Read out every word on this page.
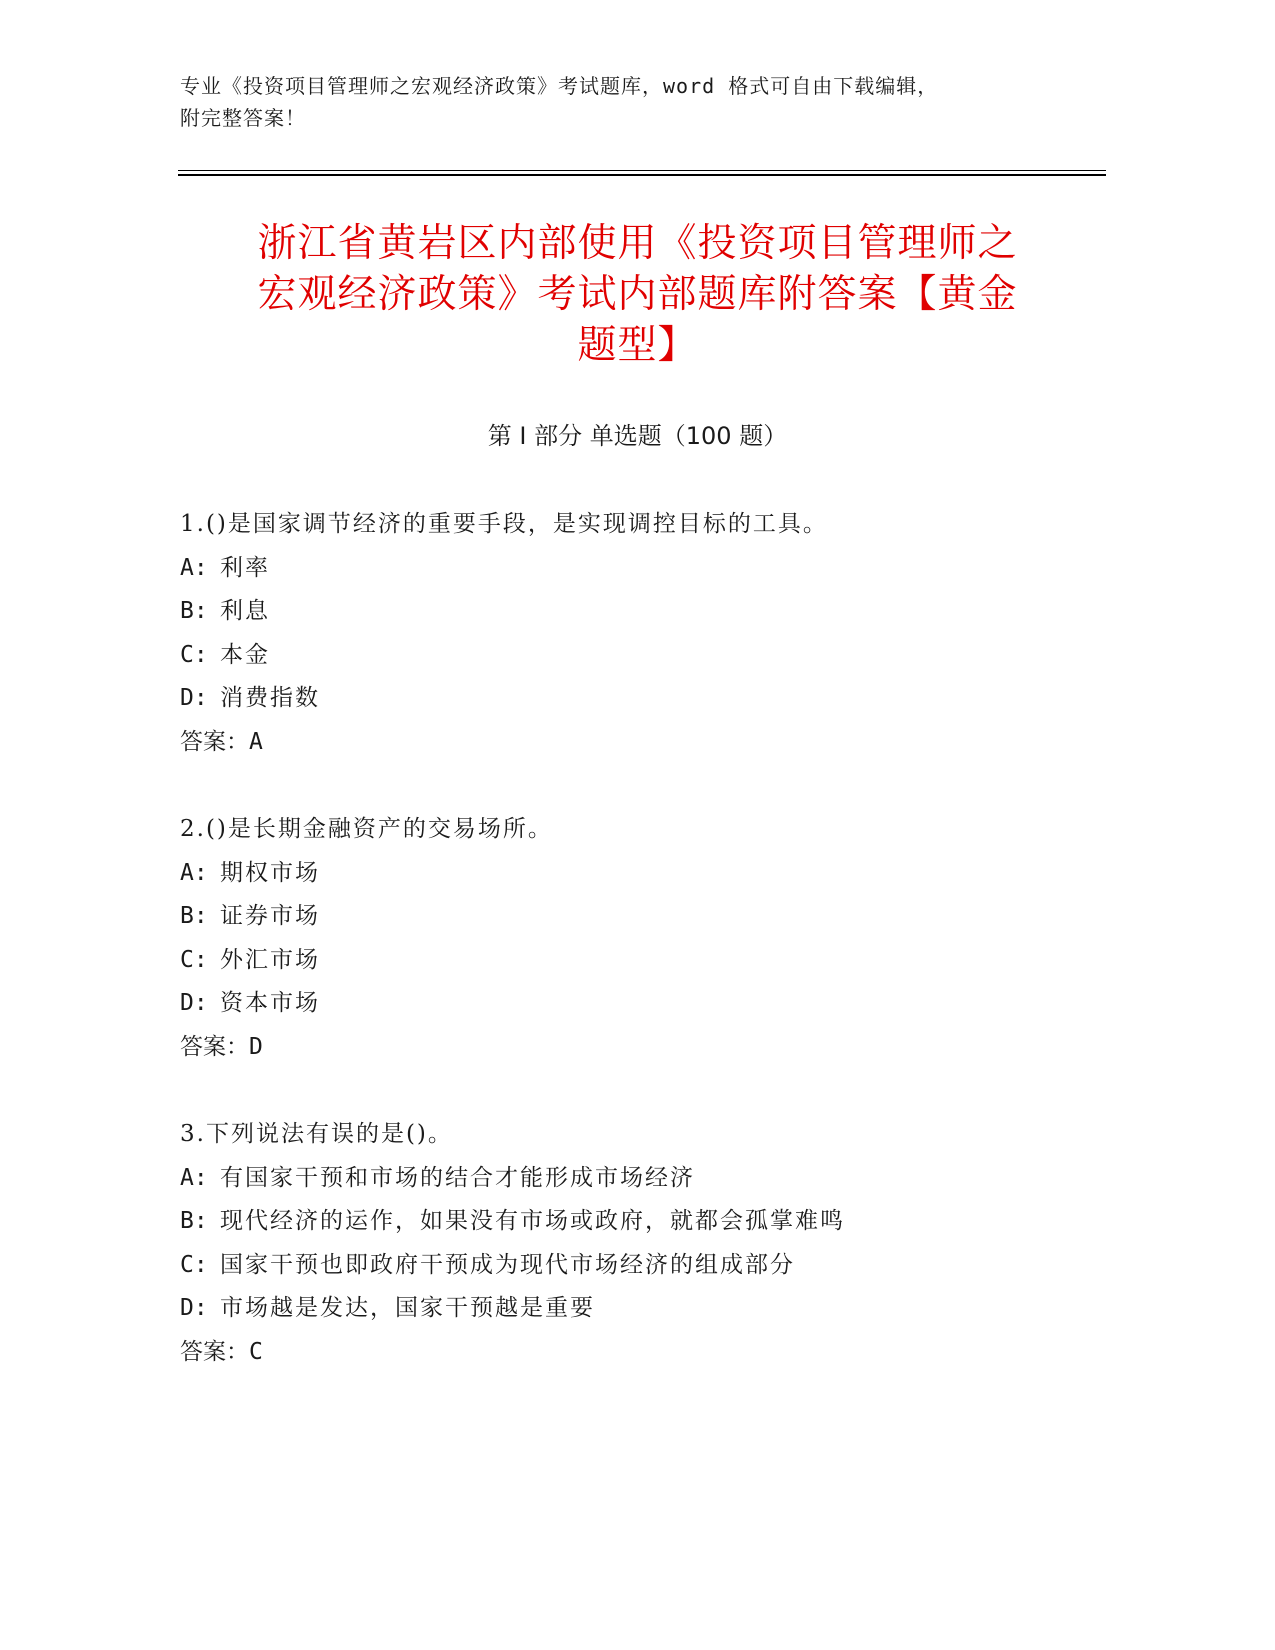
专业《投资项目管理师之宏观经济政策》考试题库，word 格式可自由下载编辑，
附完整答案！
浙江省黄岩区内部使用《投资项目管理师之
宏观经济政策》考试内部题库附答案【黄金
题型】
第 I 部分 单选题（100 题）
1.()是国家调节经济的重要手段，是实现调控目标的工具。
A: 利率
B: 利息
C: 本金
D: 消费指数
答案：A
2.()是长期金融资产的交易场所。
A: 期权市场
B: 证券市场
C: 外汇市场
D: 资本市场
答案：D
3.下列说法有误的是()。
A: 有国家干预和市场的结合才能形成市场经济
B: 现代经济的运作，如果没有市场或政府，就都会孤掌难鸣
C: 国家干预也即政府干预成为现代市场经济的组成部分
D: 市场越是发达，国家干预越是重要
答案：C
